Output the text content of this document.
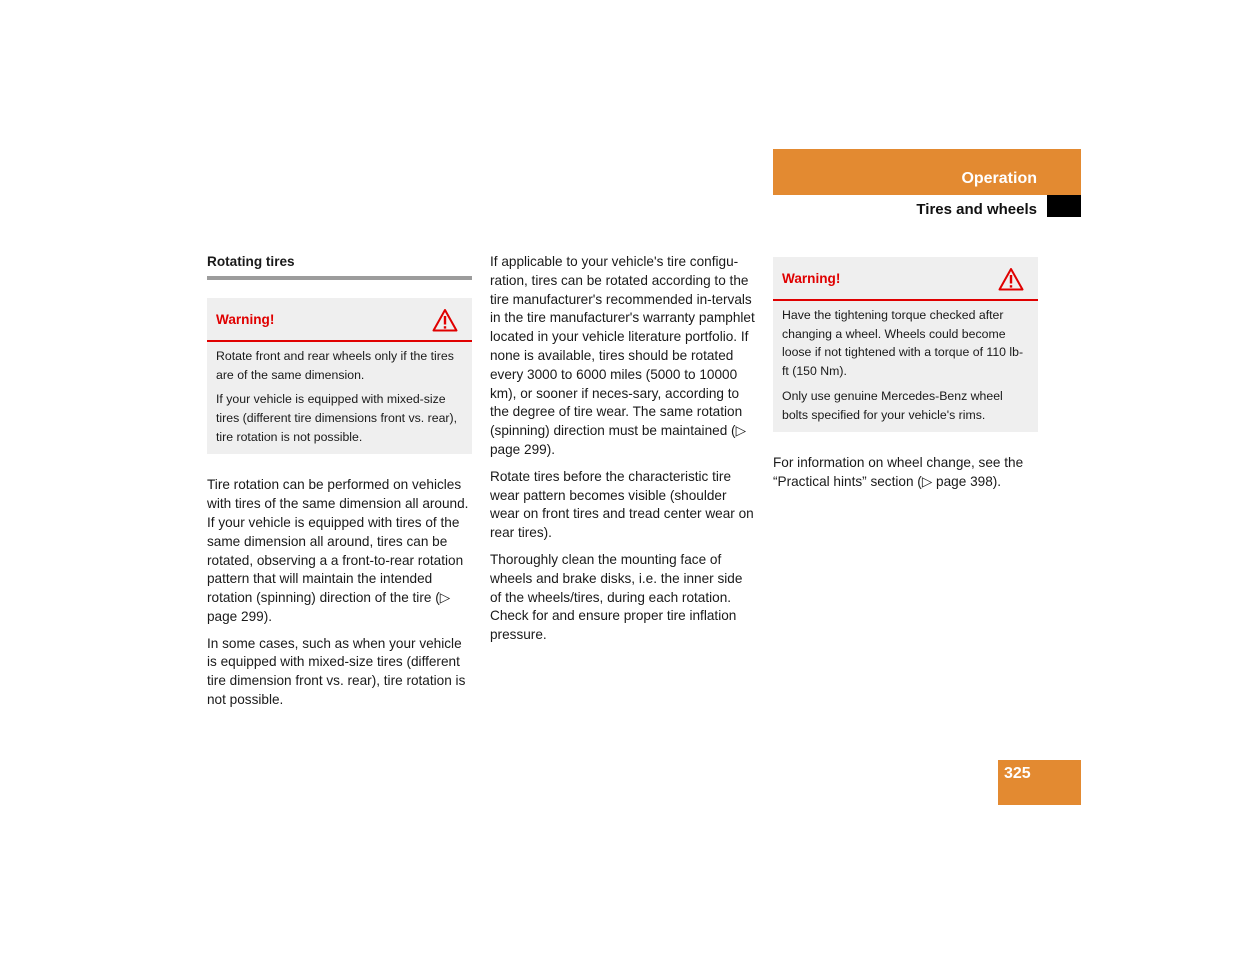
Operation
Tires and wheels
Rotating tires
Warning!

Rotate front and rear wheels only if the tires are of the same dimension.

If your vehicle is equipped with mixed-size tires (different tire dimensions front vs. rear), tire rotation is not possible.

Tire rotation can be performed on vehicles with tires of the same dimension all around. If your vehicle is equipped with tires of the same dimension all around, tires can be rotated, observing a a front-to-rear rotation pattern that will maintain the intended rotation (spinning) direction of the tire (▷ page 299).

In some cases, such as when your vehicle is equipped with mixed-size tires (different tire dimension front vs. rear), tire rotation is not possible.

If applicable to your vehicle's tire configu-ration, tires can be rotated according to the tire manufacturer's recommended in-tervals in the tire manufacturer's warranty pamphlet located in your vehicle literature portfolio. If none is available, tires should be rotated every 3000 to 6000 miles (5000 to 10000 km), or sooner if neces-sary, according to the degree of tire wear. The same rotation (spinning) direction must be maintained (▷ page 299).

Rotate tires before the characteristic tire wear pattern becomes visible (shoulder wear on front tires and tread center wear on rear tires).

Thoroughly clean the mounting face of wheels and brake disks, i.e. the inner side of the wheels/tires, during each rotation. Check for and ensure proper tire inflation pressure.

Warning!

Have the tightening torque checked after changing a wheel. Wheels could become loose if not tightened with a torque of 110 lb-ft (150 Nm).

Only use genuine Mercedes-Benz wheel bolts specified for your vehicle's rims.

For information on wheel change, see the “Practical hints” section (▷ page 398).

325
